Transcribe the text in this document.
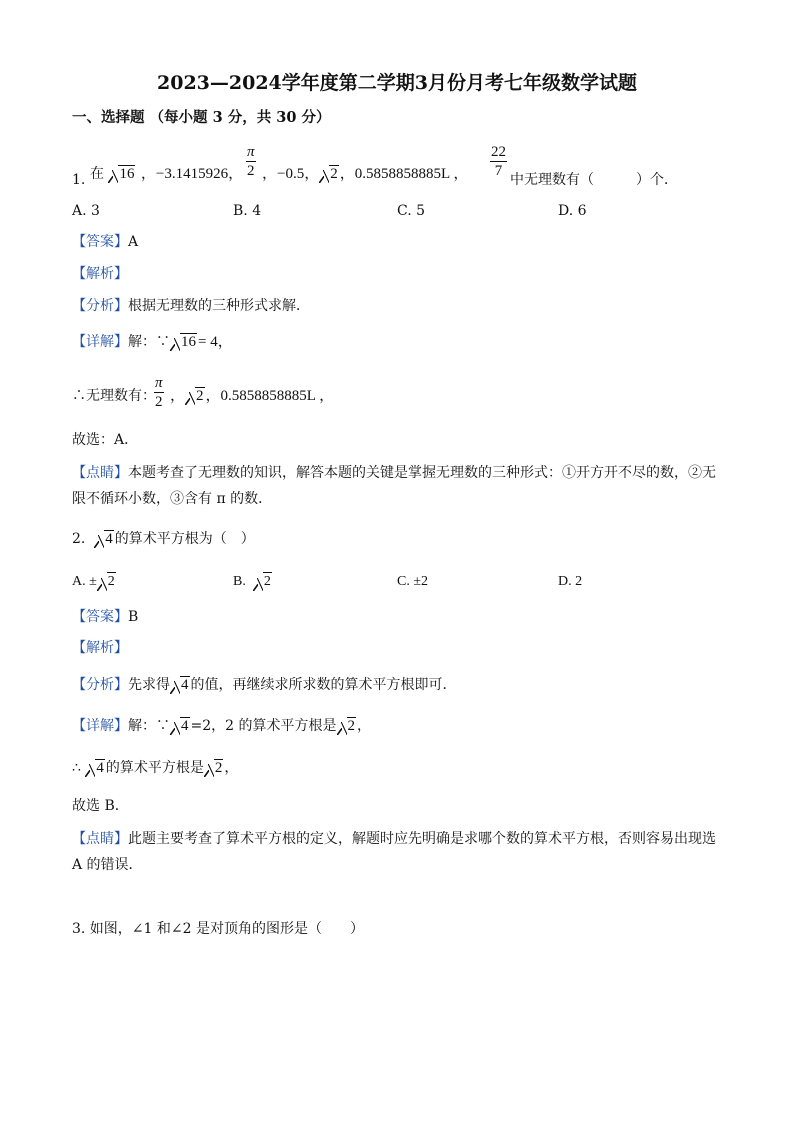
2023—2024学年度第二学期3月份月考七年级数学试题
一、选择题 （每小题 3 分，共 30 分）
1. 在 16 ，−3.1415926， $\frac{\pi}{2}$ ，−0.5， 2 ，0.5858858885L ， $\frac{22}{7}$ 中无理数有（　　　）个．
A. 3	B. 4	C. 5	D. 6
【答案】A
【解析】
【分析】根据无理数的三种形式求解．
【详解】解：∵ 16 = 4，
∴无理数有：
$\frac{\pi}{2}$ ， 2 ，0.5858858885L ，
故选：A．
【点睛】本题考查了无理数的知识，解答本题的关键是掌握无理数的三种形式：①开方开不尽的数，②无限不循环小数，③含有 π 的数．
2. 4 的算术平方根为（　）
A. ± 2	B. 2	C. ±2	D. 2
【答案】B
【解析】
【分析】先求得 4 的值，再继续求所求数的算术平方根即可．
【详解】解：∵ 4 =2，2 的算术平方根是 2 ，
∴ 4 的算术平方根是 2 ，
故选 B．
【点睛】此题主要考查了算术平方根的定义，解题时应先明确是求哪个数的算术平方根，否则容易出现选 A 的错误．
3. 如图，∠1 和∠2 是对顶角的图形是（　　）
